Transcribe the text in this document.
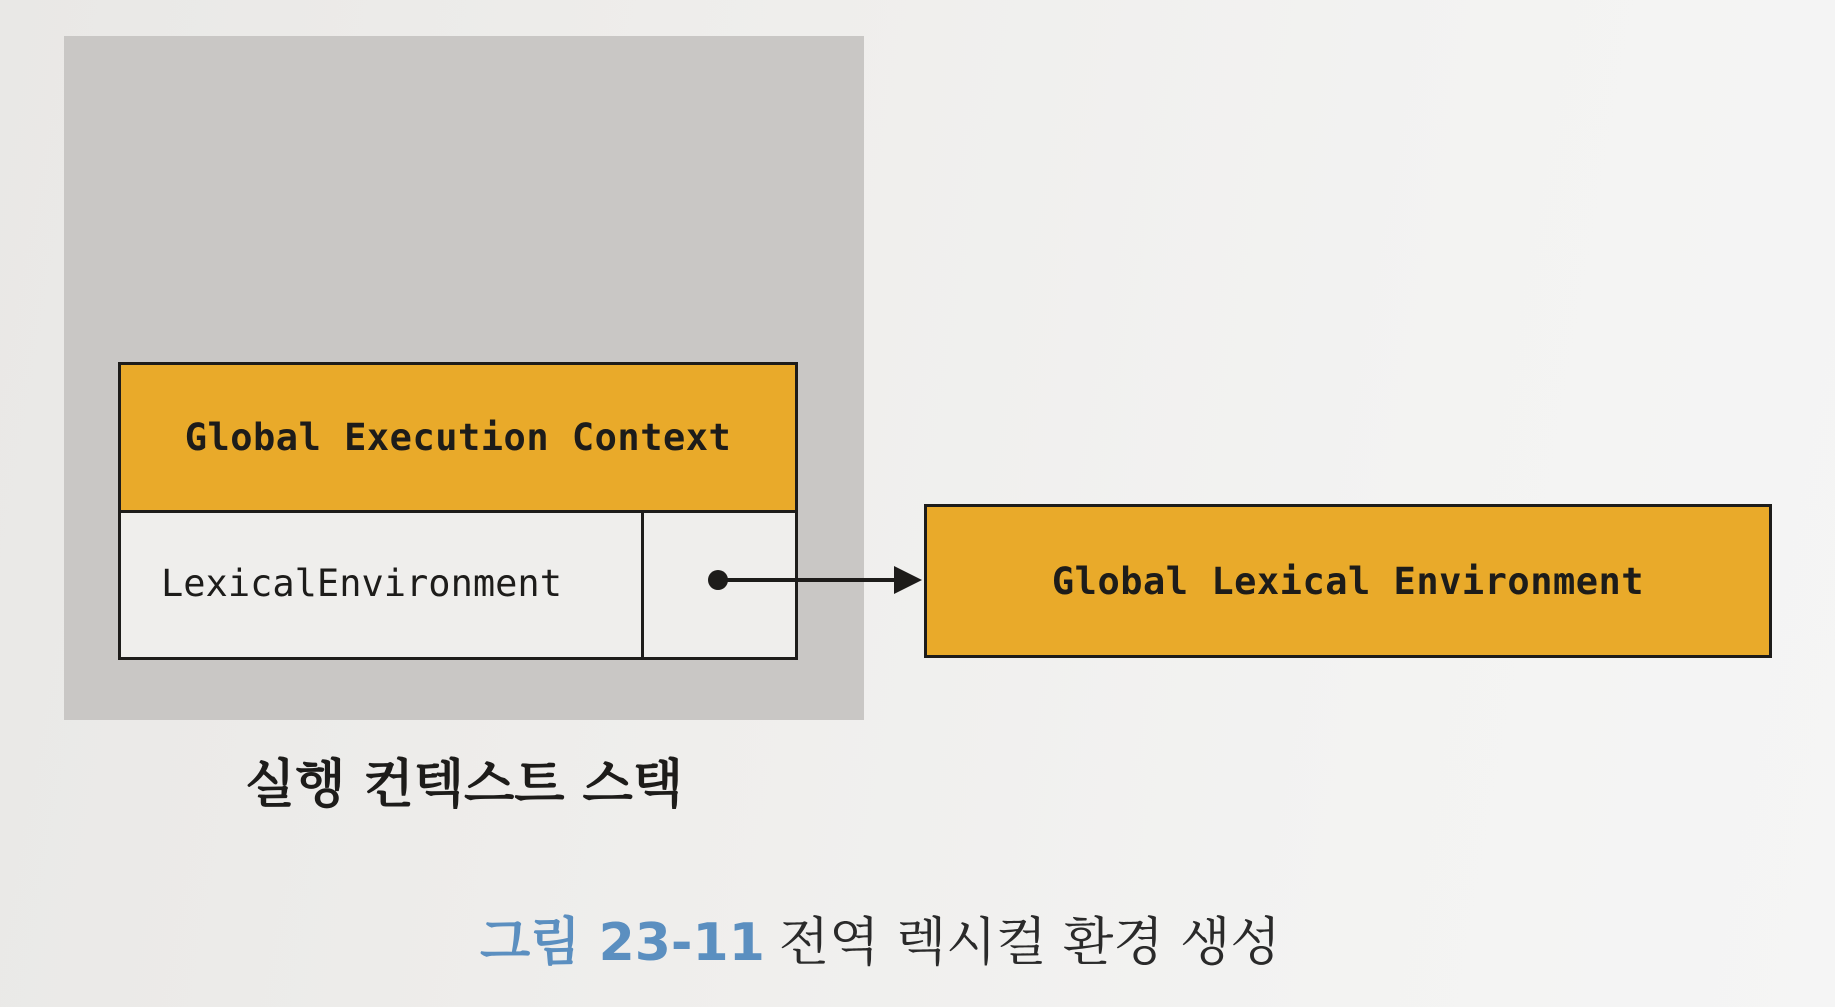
Global Execution Context
LexicalEnvironment	Global Lexical Environment
실행 컨텍스트 스택
그림 23-11 전역 렉시컬 환경 생성
